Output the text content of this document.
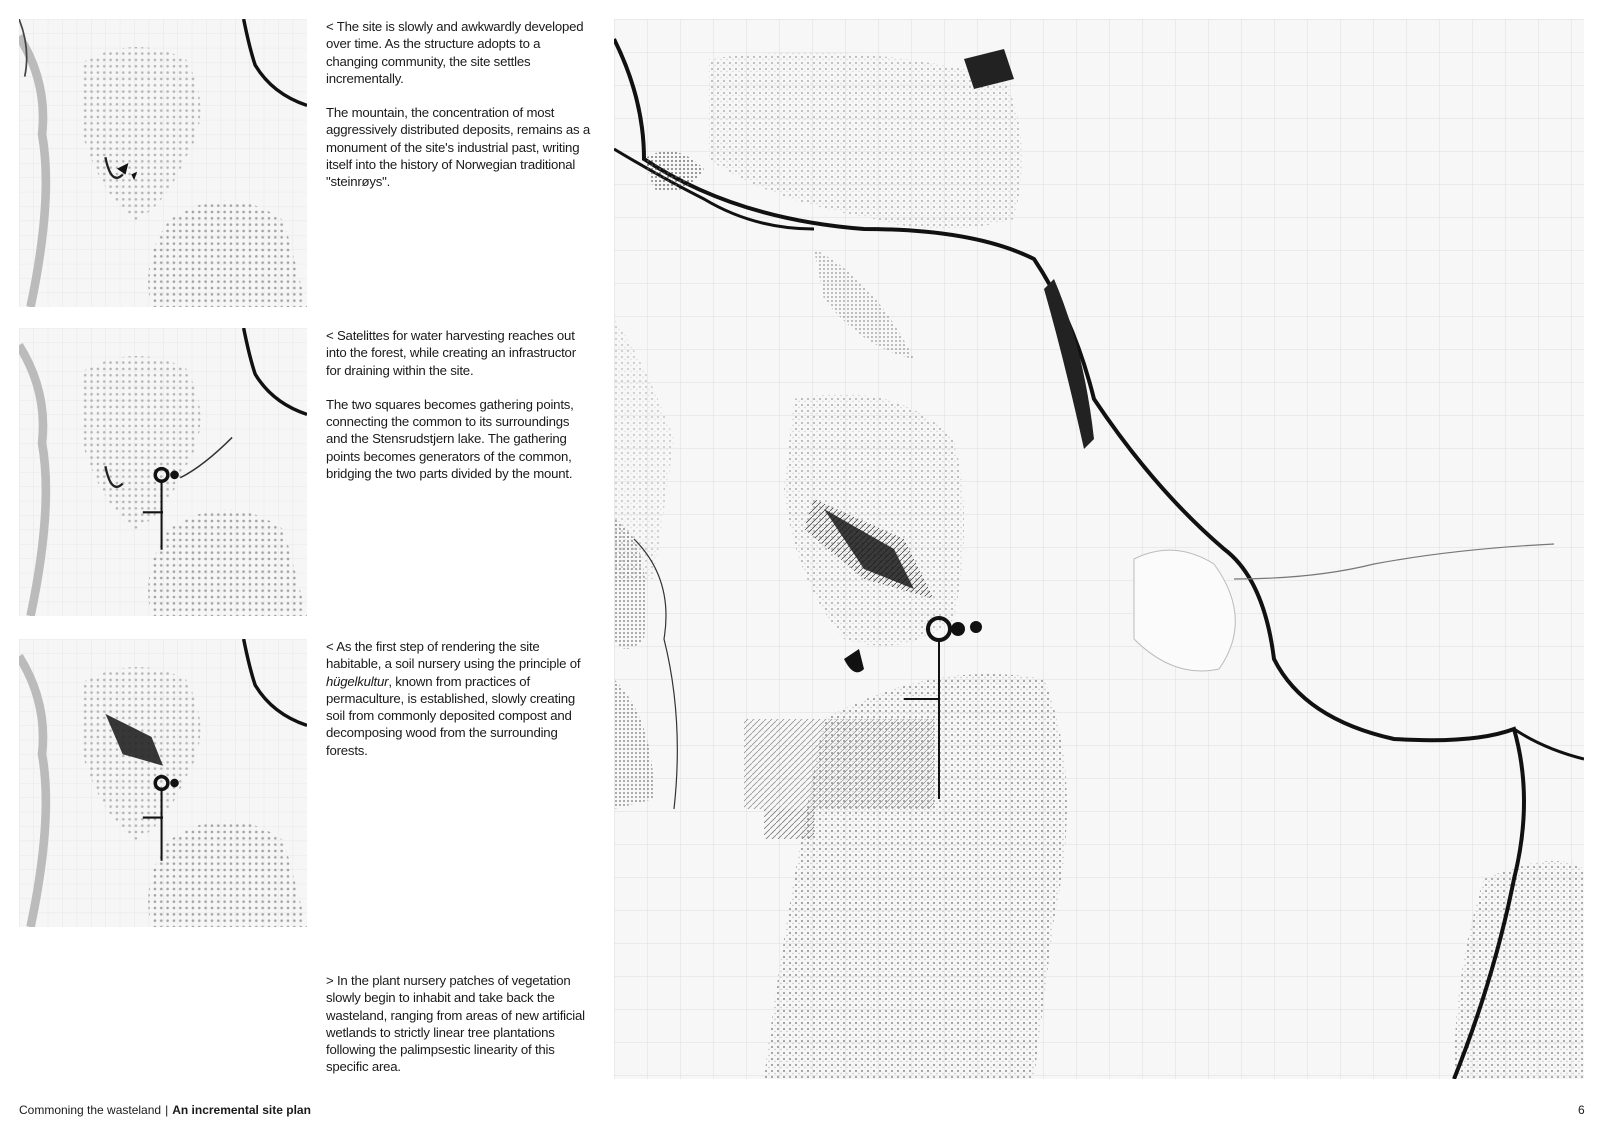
< The site is slowly and awkwardly developed over time. As the structure adopts to a changing community, the site settles incrementally.

The mountain, the concentration of most aggressively distributed deposits, remains as a monument of the site's industrial past, writing itself into the history of Norwegian traditional "steinrøys".

< Satelittes for water harvesting reaches out into the forest, while creating an infrastructor for draining within the site.

The two squares becomes gathering points, connecting the common to its surroundings and the Stensrudstjern lake. The gathering points becomes generators of the common, bridging the two parts divided by the mount.

< As the first step of rendering the site habitable, a soil nursery using the principle of hügelkultur, known from practices of permaculture, is established, slowly creating soil from commonly deposited compost and decomposing wood from the surrounding forests.

> In the plant nursery patches of vegetation slowly begin to inhabit and take back the wasteland, ranging from areas of new artificial wetlands to strictly linear tree plantations following the palimpsestic linearity of this specific area.

Commoning the wasteland | An incremental site plan	6
